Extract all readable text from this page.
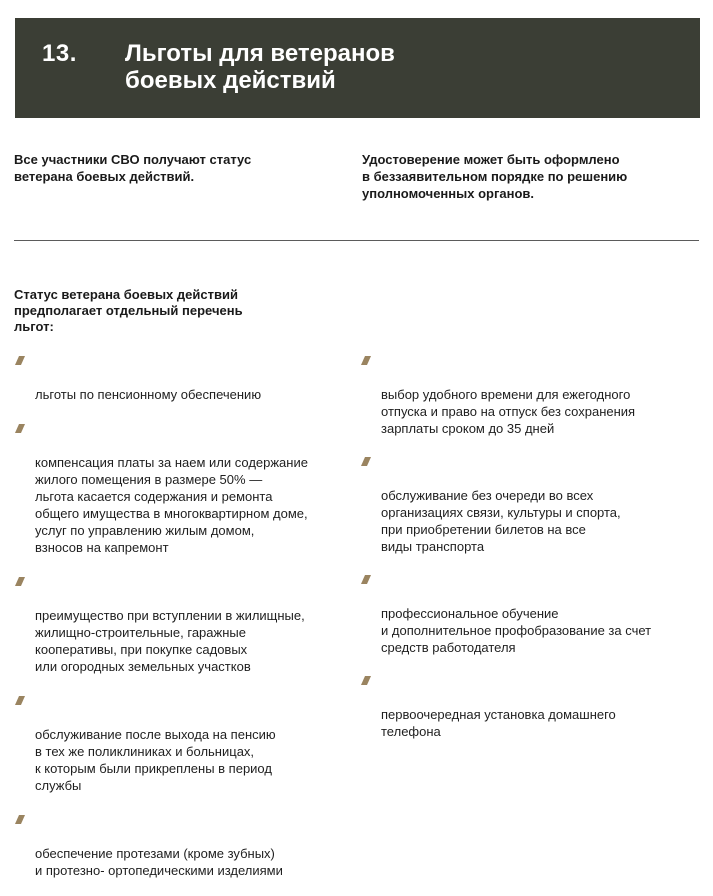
13. Льготы для ветеранов
боевых действий
Все участники СВО получают статус
ветерана боевых действий.
Удостоверение может быть оформлено
в беззаявительном порядке по решению
уполномоченных органов.
Статус ветерана боевых действий
предполагает отдельный перечень
льгот:

льготы по пенсионному обеспечению

компенсация платы за наем или содержание
жилого помещения в размере 50% —
льгота касается содержания и ремонта
общего имущества в многоквартирном доме,
услуг по управлению жилым домом,
взносов на капремонт

преимущество при вступлении в жилищные,
жилищно-строительные, гаражные
кооперативы, при покупке садовых
или огородных земельных участков

обслуживание после выхода на пенсию
в тех же поликлиниках и больницах,
к которым были прикреплены в период
службы

обеспечение протезами (кроме зубных)
и протезно- ортопедическими изделиями

выбор удобного времени для ежегодного
отпуска и право на отпуск без сохранения
зарплаты сроком до 35 дней

обслуживание без очереди во всех
организациях связи, культуры и спорта,
при приобретении билетов на все
виды транспорта

профессиональное обучение
и дополнительное профобразование за счет
средств работодателя

первоочередная установка домашнего
телефона
